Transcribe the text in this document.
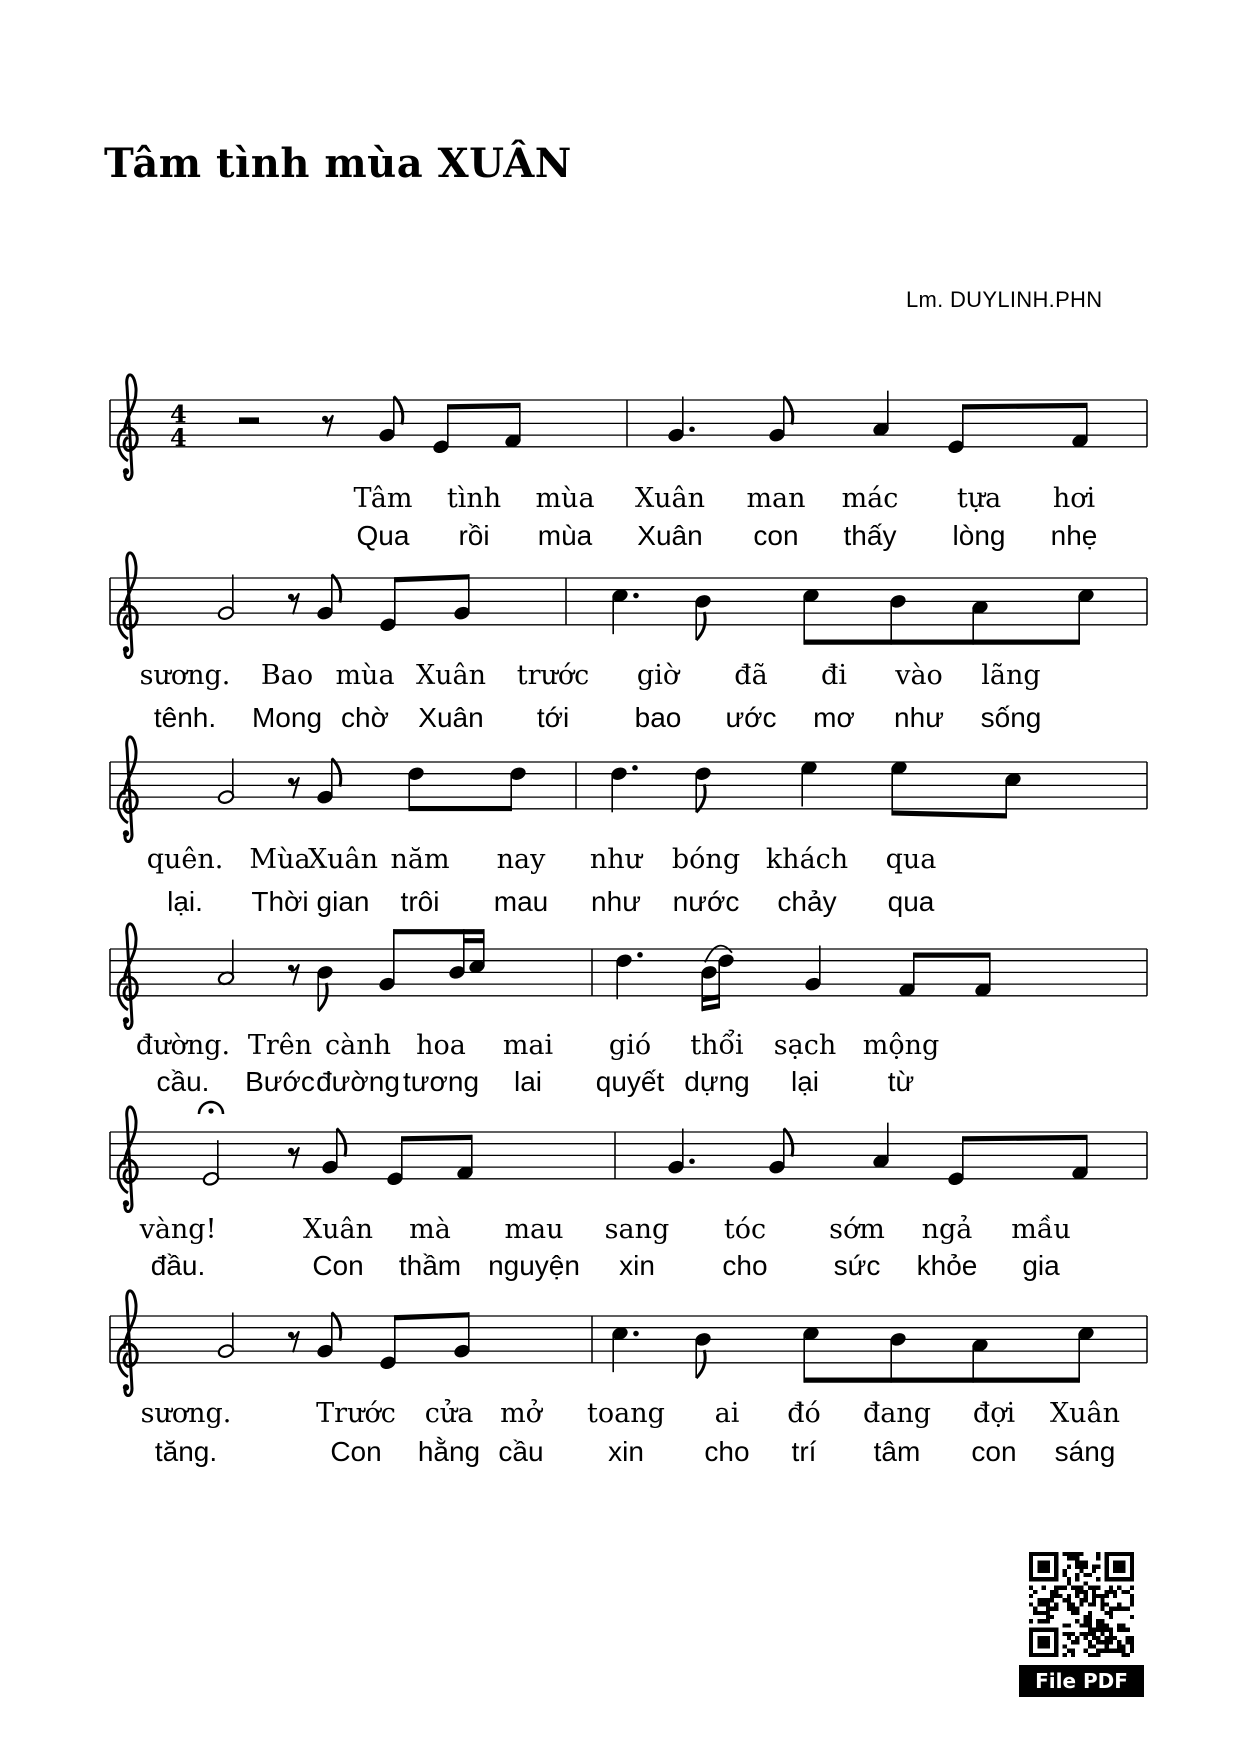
Tâm tình mùa XUÂN
Lm. DUYLINH.PHN
4
4
Tâm tình mùa Xuân man mác tựa hơi
Qua rồi mùa Xuân con thấy lòng nhẹ
sương. Bao mùa Xuân trước giờ đã đi vào lãng
tênh. Mong chờ Xuân tới bao ước mơ như sống
quên. Mùa
Xuân năm nay như bóng khách qua
lại. Thời gian trôi mau như nước chảy qua
đường. Trên cành hoa mai gió thổi sạch mộng
cầu. Bước đường tương lai quyết dựng lại từ
vàng!	Xuân mà mau sang tóc sớm ngả mầu
đầu.	Con thầm nguyện xin cho sức khỏe gia
sương.	Trước cửa mở toang ai đó đang đợi Xuân
tăng.	Con hằng cầu xin cho trí tâm con sáng
File PDF
